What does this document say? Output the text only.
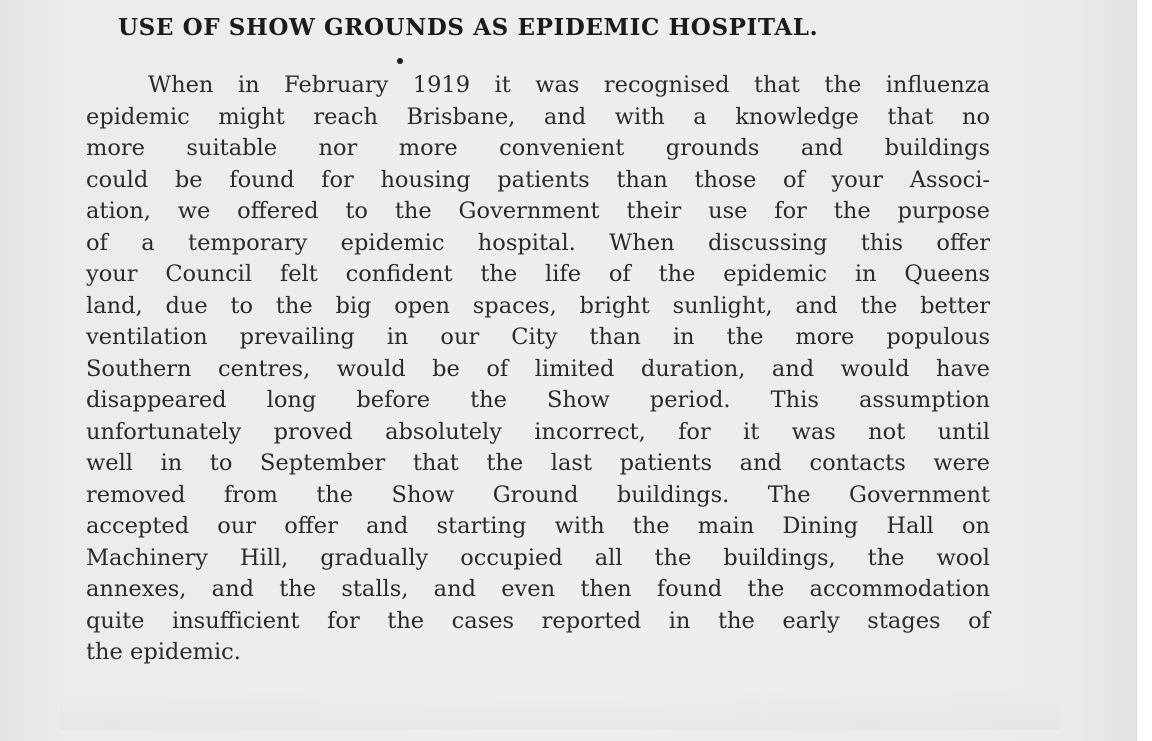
USE OF SHOW GROUNDS AS EPIDEMIC HOSPITAL.
When in February 1919 it was recognised that the influenza
epidemic might reach Brisbane, and with a knowledge that no
more suitable nor more convenient grounds and buildings
could be found for housing patients than those of your Associ-
ation, we offered to the Government their use for the purpose
of a temporary epidemic hospital. When discussing this offer
your Council felt confident the life of the epidemic in Queens
land, due to the big open spaces, bright sunlight, and the better
ventilation prevailing in our City than in the more populous
Southern centres, would be of limited duration, and would have
disappeared long before the Show period. This assumption
unfortunately proved absolutely incorrect, for it was not until
well in to September that the last patients and contacts were
removed from the Show Ground buildings. The Government
accepted our offer and starting with the main Dining Hall on
Machinery Hill, gradually occupied all the buildings, the wool
annexes, and the stalls, and even then found the accommodation
quite insufficient for the cases reported in the early stages of
the epidemic.
